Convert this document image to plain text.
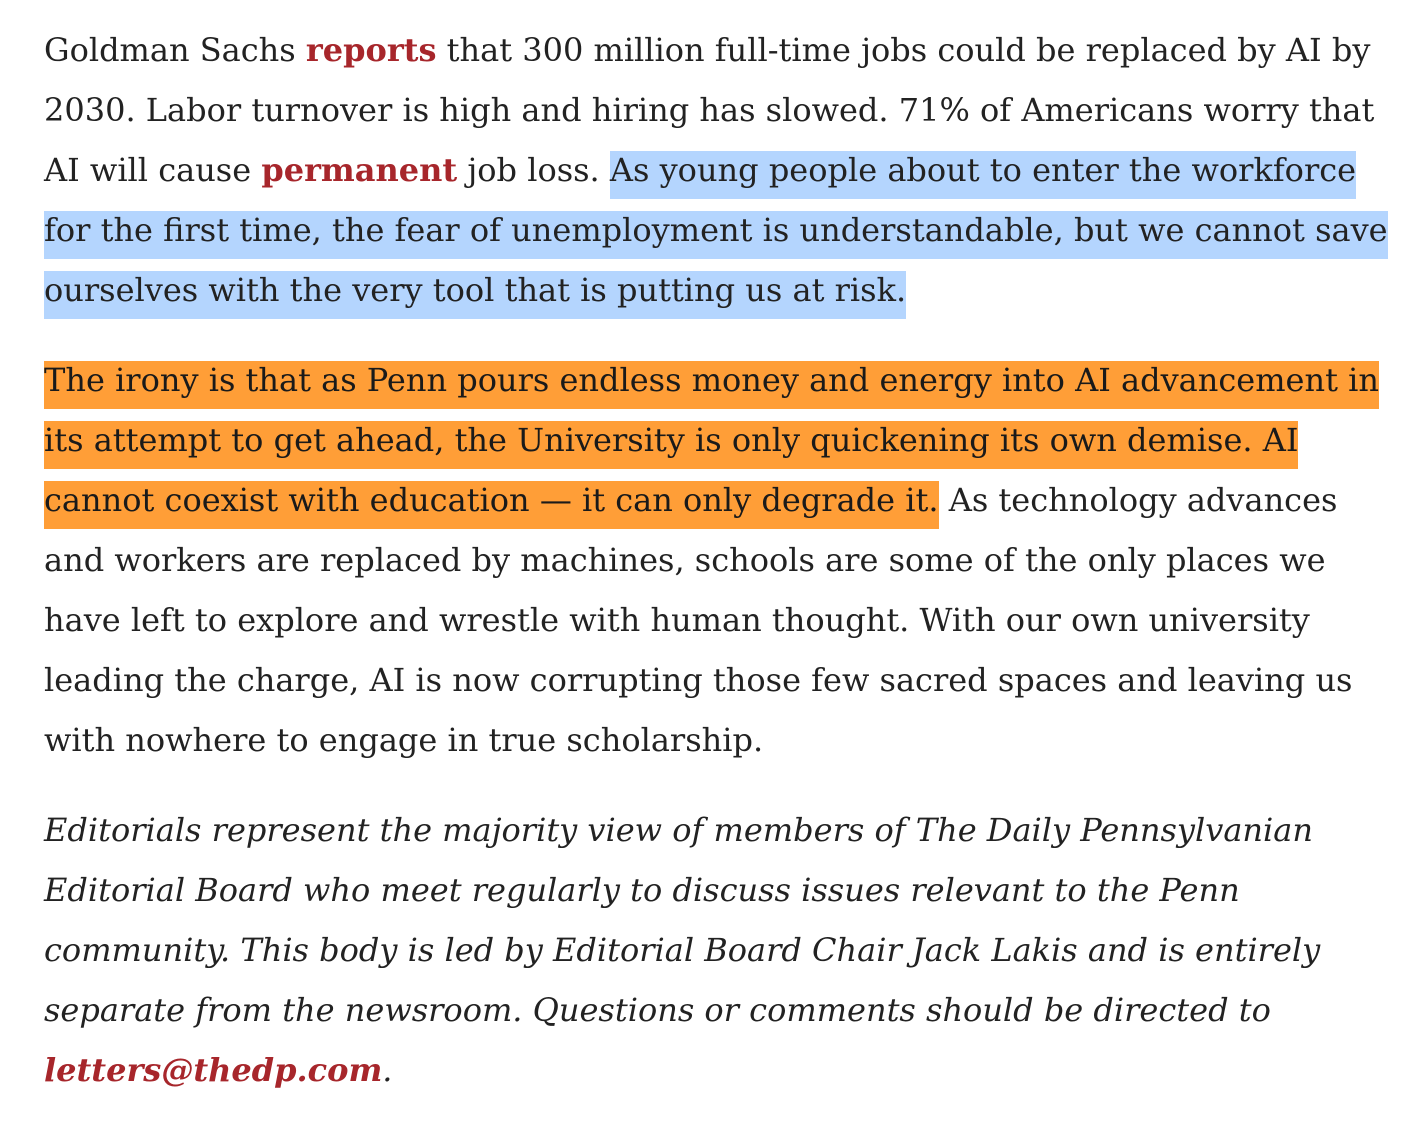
Goldman Sachs reports that 300 million full-time jobs could be replaced by AI by 2030. Labor turnover is high and hiring has slowed. 71% of Americans worry that AI will cause permanent job loss. As young people about to enter the workforce for the first time, the fear of unemployment is understandable, but we cannot save ourselves with the very tool that is putting us at risk.

The irony is that as Penn pours endless money and energy into AI advancement in its attempt to get ahead, the University is only quickening its own demise. AI cannot coexist with education — it can only degrade it. As technology advances and workers are replaced by machines, schools are some of the only places we have left to explore and wrestle with human thought. With our own university leading the charge, AI is now corrupting those few sacred spaces and leaving us with nowhere to engage in true scholarship.

Editorials represent the majority view of members of The Daily Pennsylvanian Editorial Board who meet regularly to discuss issues relevant to the Penn community. This body is led by Editorial Board Chair Jack Lakis and is entirely separate from the newsroom. Questions or comments should be directed to letters@thedp.com.
